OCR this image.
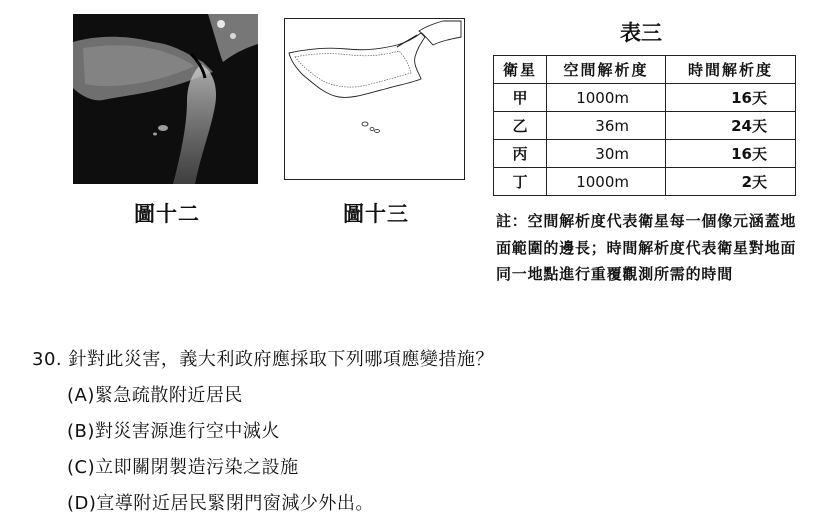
圖十二	圖十三
表三
衛星	空間解析度	時間解析度
甲	1000m	16天
乙	36m	24天
丙	30m	16天
丁	1000m	2天
註：空間解析度代表衛星每一個像元涵蓋地面範圍的邊長；時間解析度代表衛星對地面同一地點進行重覆觀測所需的時間
30. 針對此災害，義大利政府應採取下列哪項應變措施？
(A)緊急疏散附近居民
(B)對災害源進行空中滅火
(C)立即關閉製造污染之設施
(D)宣導附近居民緊閉門窗減少外出。
